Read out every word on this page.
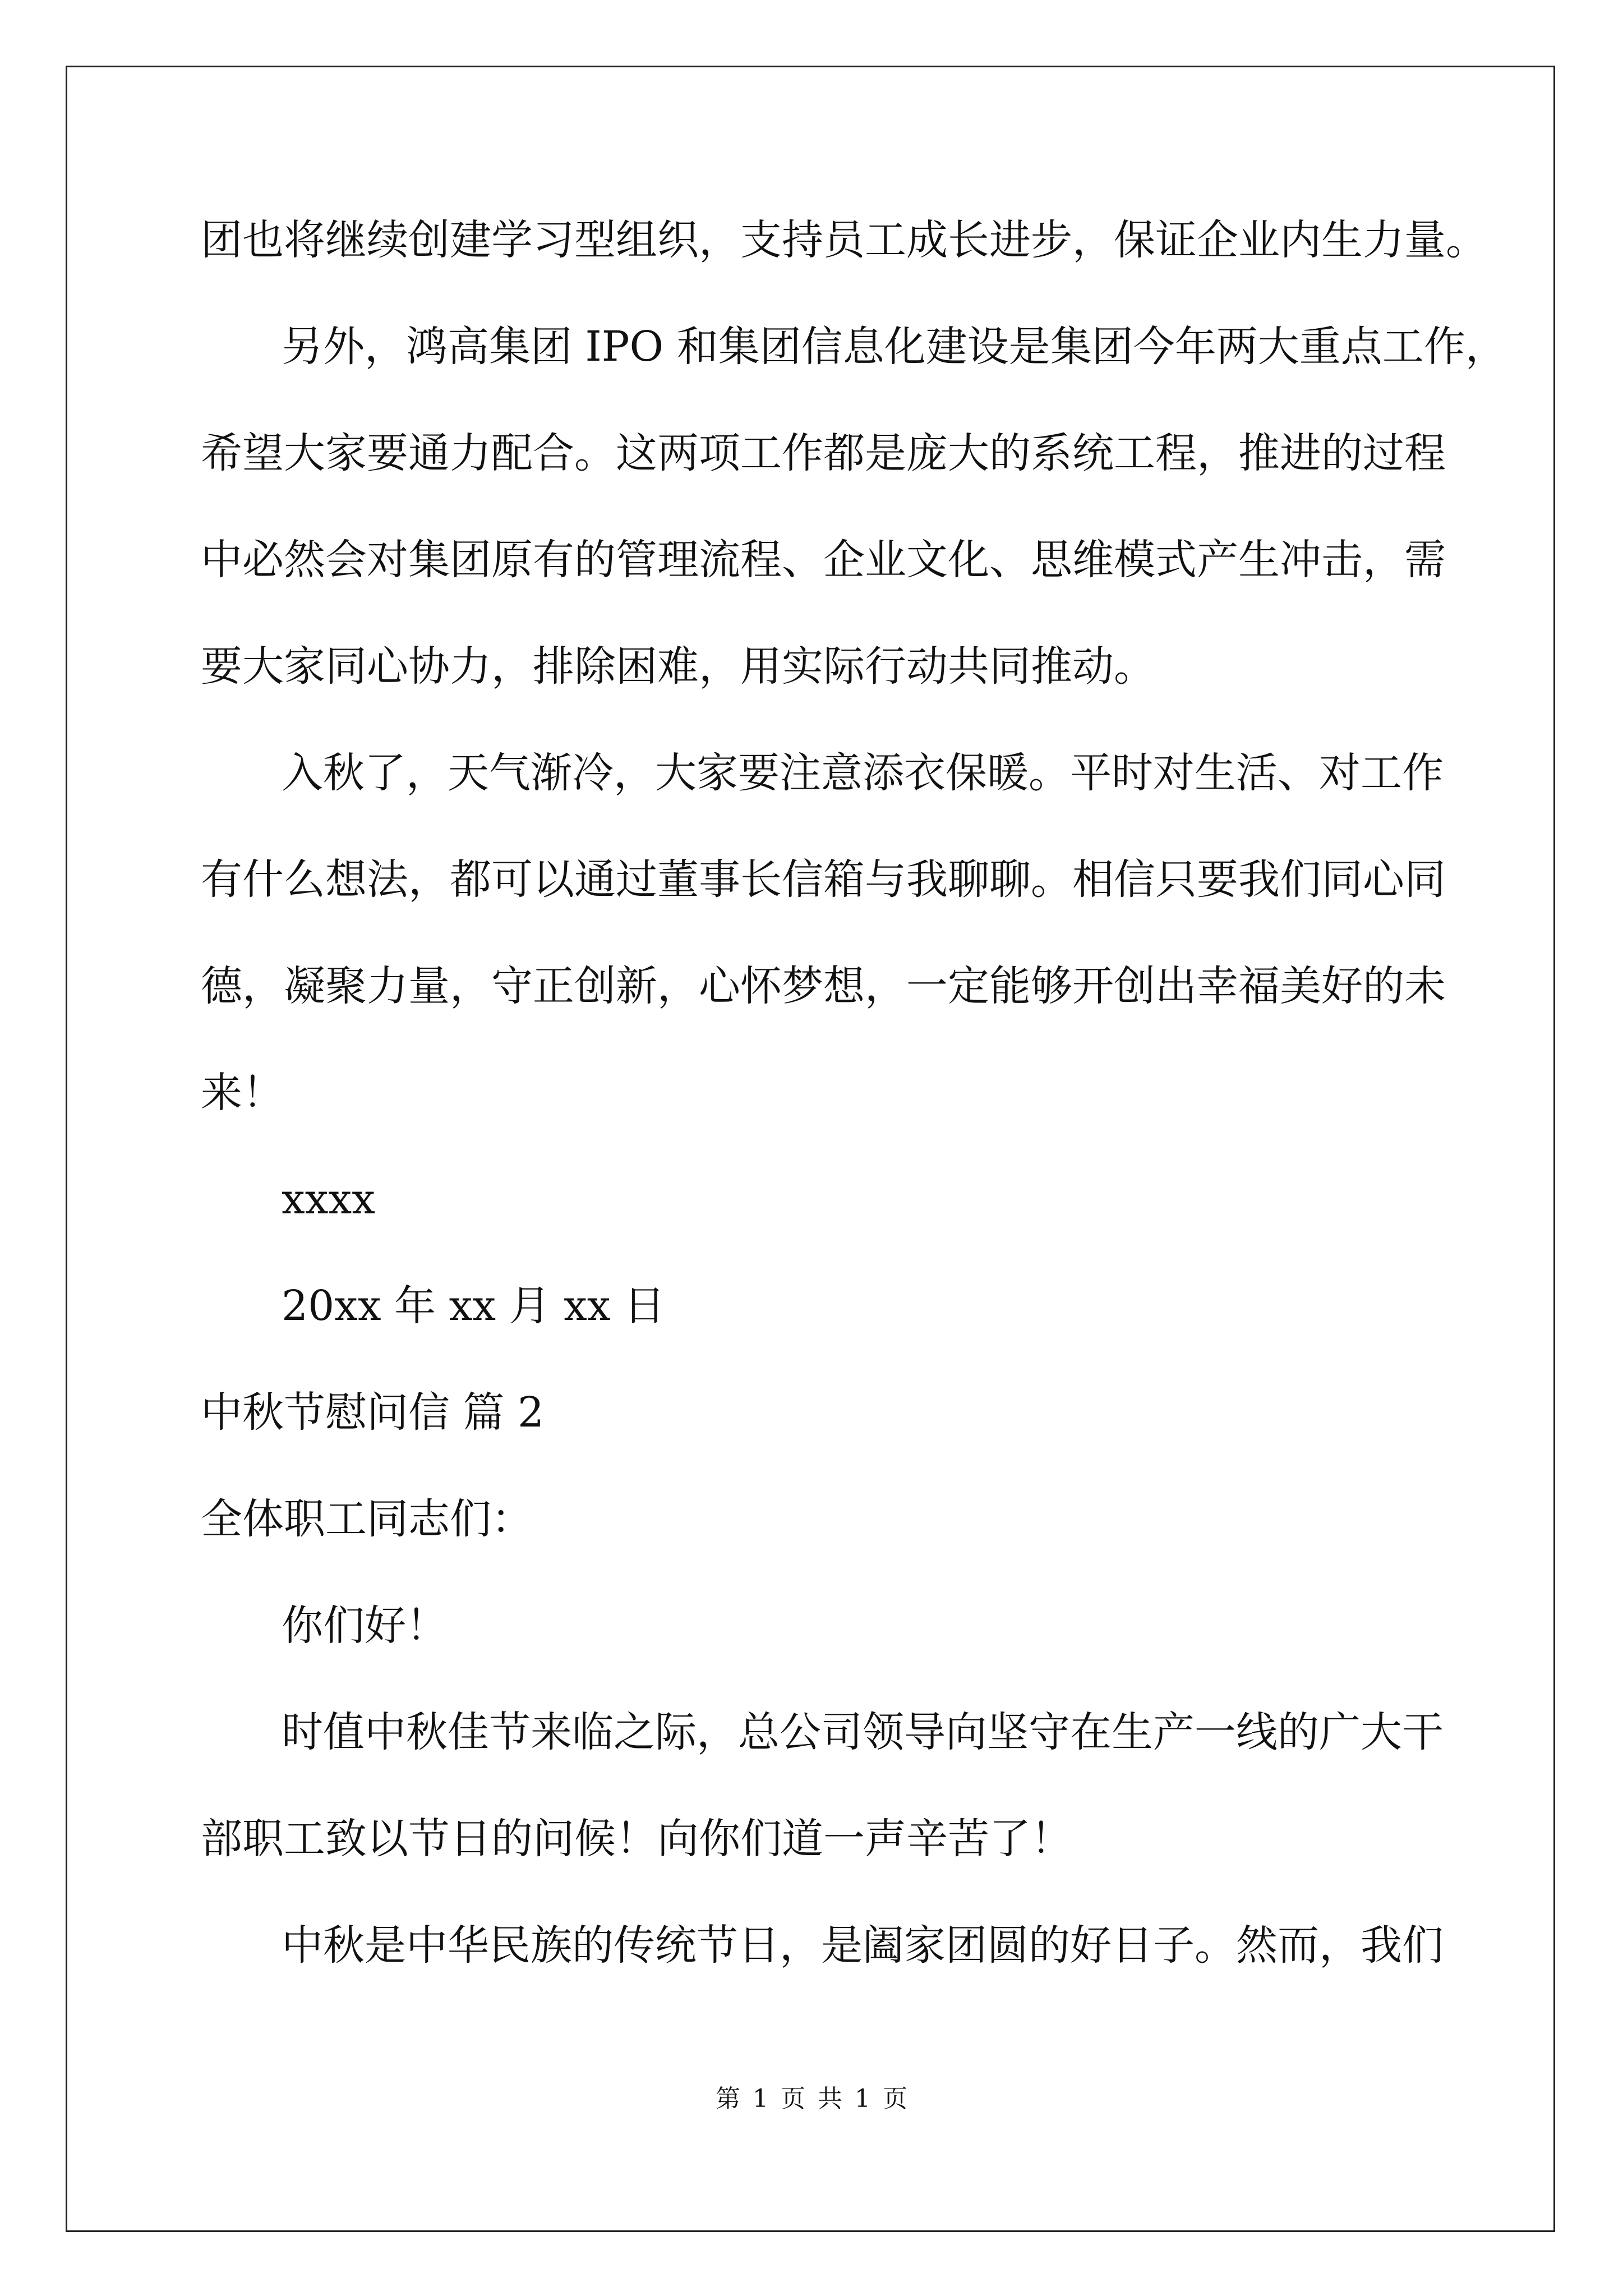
团也将继续创建学习型组织，支持员工成长进步，保证企业内生力量。
另外，鸿高集团 IPO 和集团信息化建设是集团今年两大重点工作，
希望大家要通力配合。这两项工作都是庞大的系统工程，推进的过程
中必然会对集团原有的管理流程、企业文化、思维模式产生冲击，需
要大家同心协力，排除困难，用实际行动共同推动。
入秋了，天气渐冷，大家要注意添衣保暖。平时对生活、对工作
有什么想法，都可以通过董事长信箱与我聊聊。相信只要我们同心同
德，凝聚力量，守正创新，心怀梦想，一定能够开创出幸福美好的未
来！
xxxx
20xx 年 xx 月 xx 日
中秋节慰问信 篇 2
全体职工同志们：
你们好！
时值中秋佳节来临之际，总公司领导向坚守在生产一线的广大干
部职工致以节日的问候！向你们道一声辛苦了！
中秋是中华民族的传统节日，是阖家团圆的好日子。然而，我们
第 1 页 共 1 页
